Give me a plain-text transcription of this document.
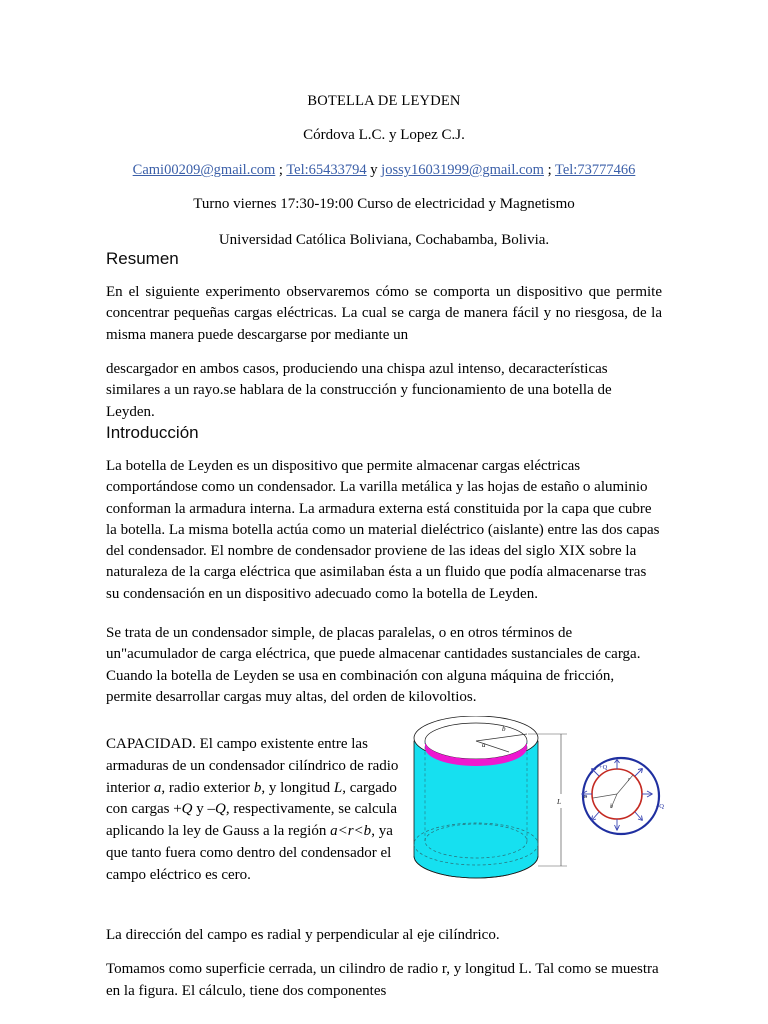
BOTELLA DE LEYDEN
Córdova L.C. y Lopez C.J.
Cami00209@gmail.com ; Tel:65433794 y jossy16031999@gmail.com ; Tel:73777466
Turno viernes 17:30-19:00 Curso de electricidad y Magnetismo
Universidad Católica Boliviana, Cochabamba, Bolivia.
Resumen

En el siguiente experimento observaremos cómo se comporta un dispositivo que permite concentrar pequeñas cargas eléctricas. La cual se carga de manera fácil y no riesgosa, de la misma manera puede descargarse por mediante un

descargador en ambos casos, produciendo una chispa azul intenso, decaracterísticas similares a un rayo.se hablara de la construcción y funcionamiento de una botella de Leyden.

Introducción

La botella de Leyden es un dispositivo que permite almacenar cargas eléctricas comportándose como un condensador. La varilla metálica y las hojas de estaño o aluminio conforman la armadura interna. La armadura externa está constituida por la capa que cubre la botella. La misma botella actúa como un material dieléctrico (aislante) entre las dos capas del condensador. El nombre de condensador proviene de las ideas del siglo XIX sobre la naturaleza de la carga eléctrica que asimilaban ésta a un fluido que podía almacenarse tras su condensación en un dispositivo adecuado como la botella de Leyden.

Se trata de un condensador simple, de placas paralelas, o en otros términos de un"acumulador de carga eléctrica, que puede almacenar cantidades sustanciales de carga. Cuando la botella de Leyden se usa en combinación con alguna máquina de fricción, permite desarrollar cargas muy altas, del orden de kilovoltios.

CAPACIDAD. El campo existente entre las armaduras de un condensador cilíndrico de radio interior a, radio exterior b, y longitud L, cargado con cargas +Q y –Q, respectivamente, se calcula aplicando la ley de Gauss a la región a<r<b, ya que tanto fuera como dentro del condensador el campo eléctrico es cero.

b
a
L
+Q
–Q
r
a
b

La dirección del campo es radial y perpendicular al eje cilíndrico.

Tomamos como superficie cerrada, un cilindro de radio r, y longitud L. Tal como se muestra en la figura. El cálculo, tiene dos componentes
